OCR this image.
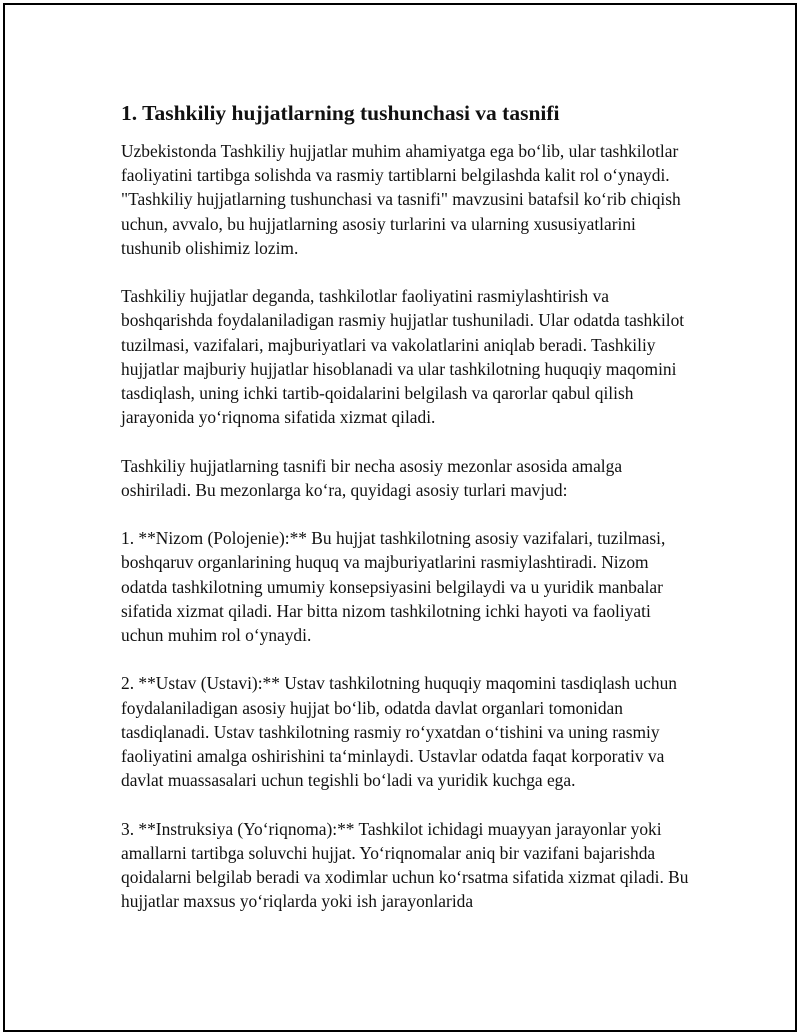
1. Tashkiliy hujjatlarning tushunchasi va tasnifi

Uzbekistonda Tashkiliy hujjatlar muhim ahamiyatga ega bo‘lib, ular tashkilotlar faoliyatini tartibga solishda va rasmiy tartiblarni belgilashda kalit rol o‘ynaydi. "Tashkiliy hujjatlarning tushunchasi va tasnifi" mavzusini batafsil ko‘rib chiqish uchun, avvalo, bu hujjatlarning asosiy turlarini va ularning xususiyatlarini tushunib olishimiz lozim.

Tashkiliy hujjatlar deganda, tashkilotlar faoliyatini rasmiylashtirish va boshqarishda foydalaniladigan rasmiy hujjatlar tushuniladi. Ular odatda tashkilot tuzilmasi, vazifalari, majburiyatlari va vakolatlarini aniqlab beradi. Tashkiliy hujjatlar majburiy hujjatlar hisoblanadi va ular tashkilotning huquqiy maqomini tasdiqlash, uning ichki tartib-qoidalarini belgilash va qarorlar qabul qilish jarayonida yo‘riqnoma sifatida xizmat qiladi.

Tashkiliy hujjatlarning tasnifi bir necha asosiy mezonlar asosida amalga oshiriladi. Bu mezonlarga ko‘ra, quyidagi asosiy turlari mavjud:

1. **Nizom (Polojenie):** Bu hujjat tashkilotning asosiy vazifalari, tuzilmasi, boshqaruv organlarining huquq va majburiyatlarini rasmiylashtiradi. Nizom odatda tashkilotning umumiy konsepsiyasini belgilaydi va u yuridik manbalar sifatida xizmat qiladi. Har bitta nizom tashkilotning ichki hayoti va faoliyati uchun muhim rol o‘ynaydi.

2. **Ustav (Ustavi):** Ustav tashkilotning huquqiy maqomini tasdiqlash uchun foydalaniladigan asosiy hujjat bo‘lib, odatda davlat organlari tomonidan tasdiqlanadi. Ustav tashkilotning rasmiy ro‘yxatdan o‘tishini va uning rasmiy faoliyatini amalga oshirishini ta‘minlaydi. Ustavlar odatda faqat korporativ va davlat muassasalari uchun tegishli bo‘ladi va yuridik kuchga ega.

3. **Instruksiya (Yo‘riqnoma):** Tashkilot ichidagi muayyan jarayonlar yoki amallarni tartibga soluvchi hujjat. Yo‘riqnomalar aniq bir vazifani bajarishda qoidalarni belgilab beradi va xodimlar uchun ko‘rsatma sifatida xizmat qiladi. Bu hujjatlar maxsus yo‘riqlarda yoki ish jarayonlarida
